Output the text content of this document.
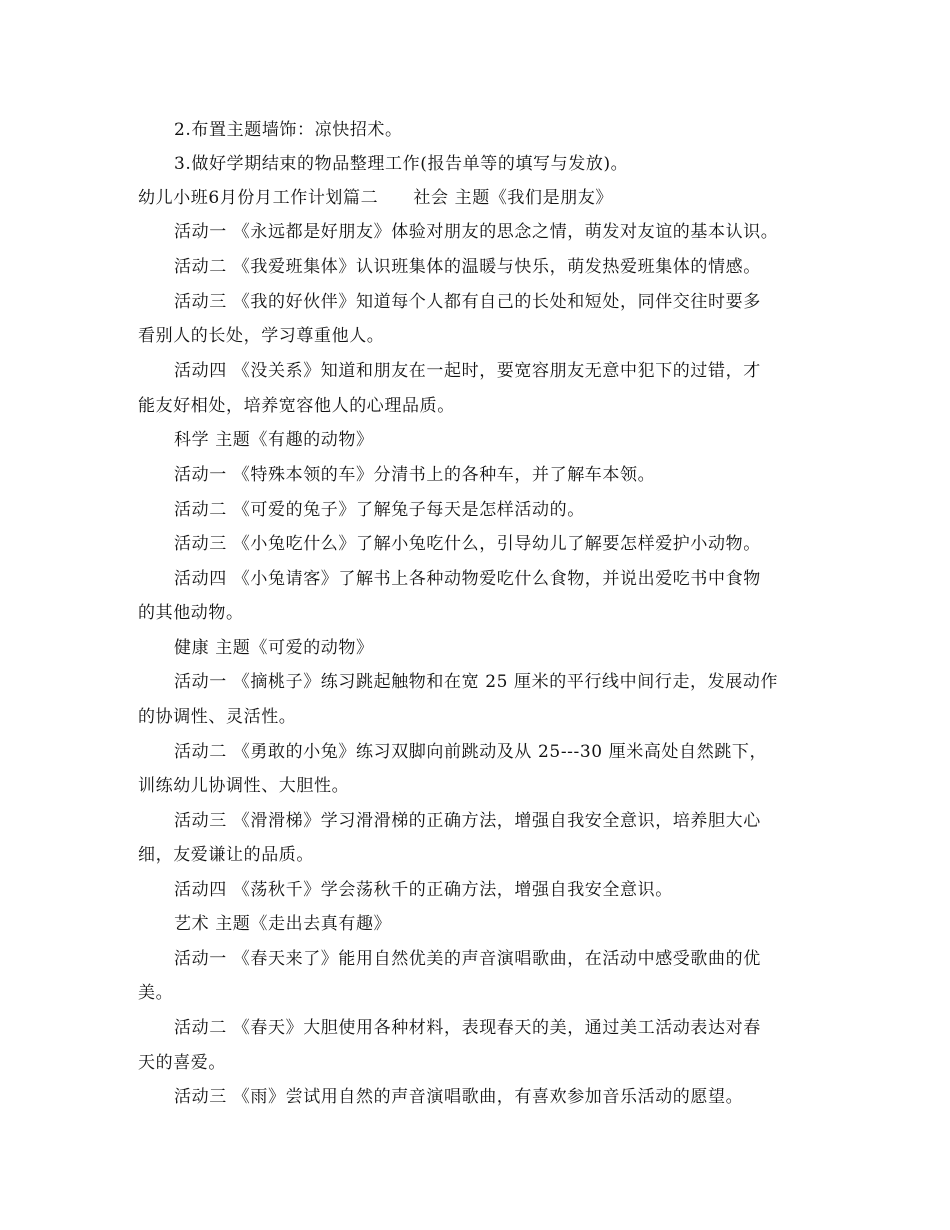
2.布置主题墙饰：凉快招术。
3.做好学期结束的物品整理工作(报告单等的填写与发放)。
幼儿小班6月份月工作计划篇二　　社会 主题《我们是朋友》
活动一 《永远都是好朋友》体验对朋友的思念之情，萌发对友谊的基本认识。
活动二 《我爱班集体》认识班集体的温暖与快乐，萌发热爱班集体的情感。
活动三 《我的好伙伴》知道每个人都有自己的长处和短处，同伴交往时要多
看别人的长处，学习尊重他人。
活动四 《没关系》知道和朋友在一起时，要宽容朋友无意中犯下的过错，才
能友好相处，培养宽容他人的心理品质。
科学 主题《有趣的动物》
活动一 《特殊本领的车》分清书上的各种车，并了解车本领。
活动二 《可爱的兔子》了解兔子每天是怎样活动的。
活动三 《小兔吃什么》了解小兔吃什么，引导幼儿了解要怎样爱护小动物。
活动四 《小兔请客》了解书上各种动物爱吃什么食物，并说出爱吃书中食物
的其他动物。
健康 主题《可爱的动物》
活动一 《摘桃子》练习跳起触物和在宽 25 厘米的平行线中间行走，发展动作
的协调性、灵活性。
活动二 《勇敢的小兔》练习双脚向前跳动及从 25---30 厘米高处自然跳下，
训练幼儿协调性、大胆性。
活动三 《滑滑梯》学习滑滑梯的正确方法，增强自我安全意识，培养胆大心
细，友爱谦让的品质。
活动四 《荡秋千》学会荡秋千的正确方法，增强自我安全意识。
艺术 主题《走出去真有趣》
活动一 《春天来了》能用自然优美的声音演唱歌曲，在活动中感受歌曲的优
美。
活动二 《春天》大胆使用各种材料，表现春天的美，通过美工活动表达对春
天的喜爱。
活动三 《雨》尝试用自然的声音演唱歌曲，有喜欢参加音乐活动的愿望。
